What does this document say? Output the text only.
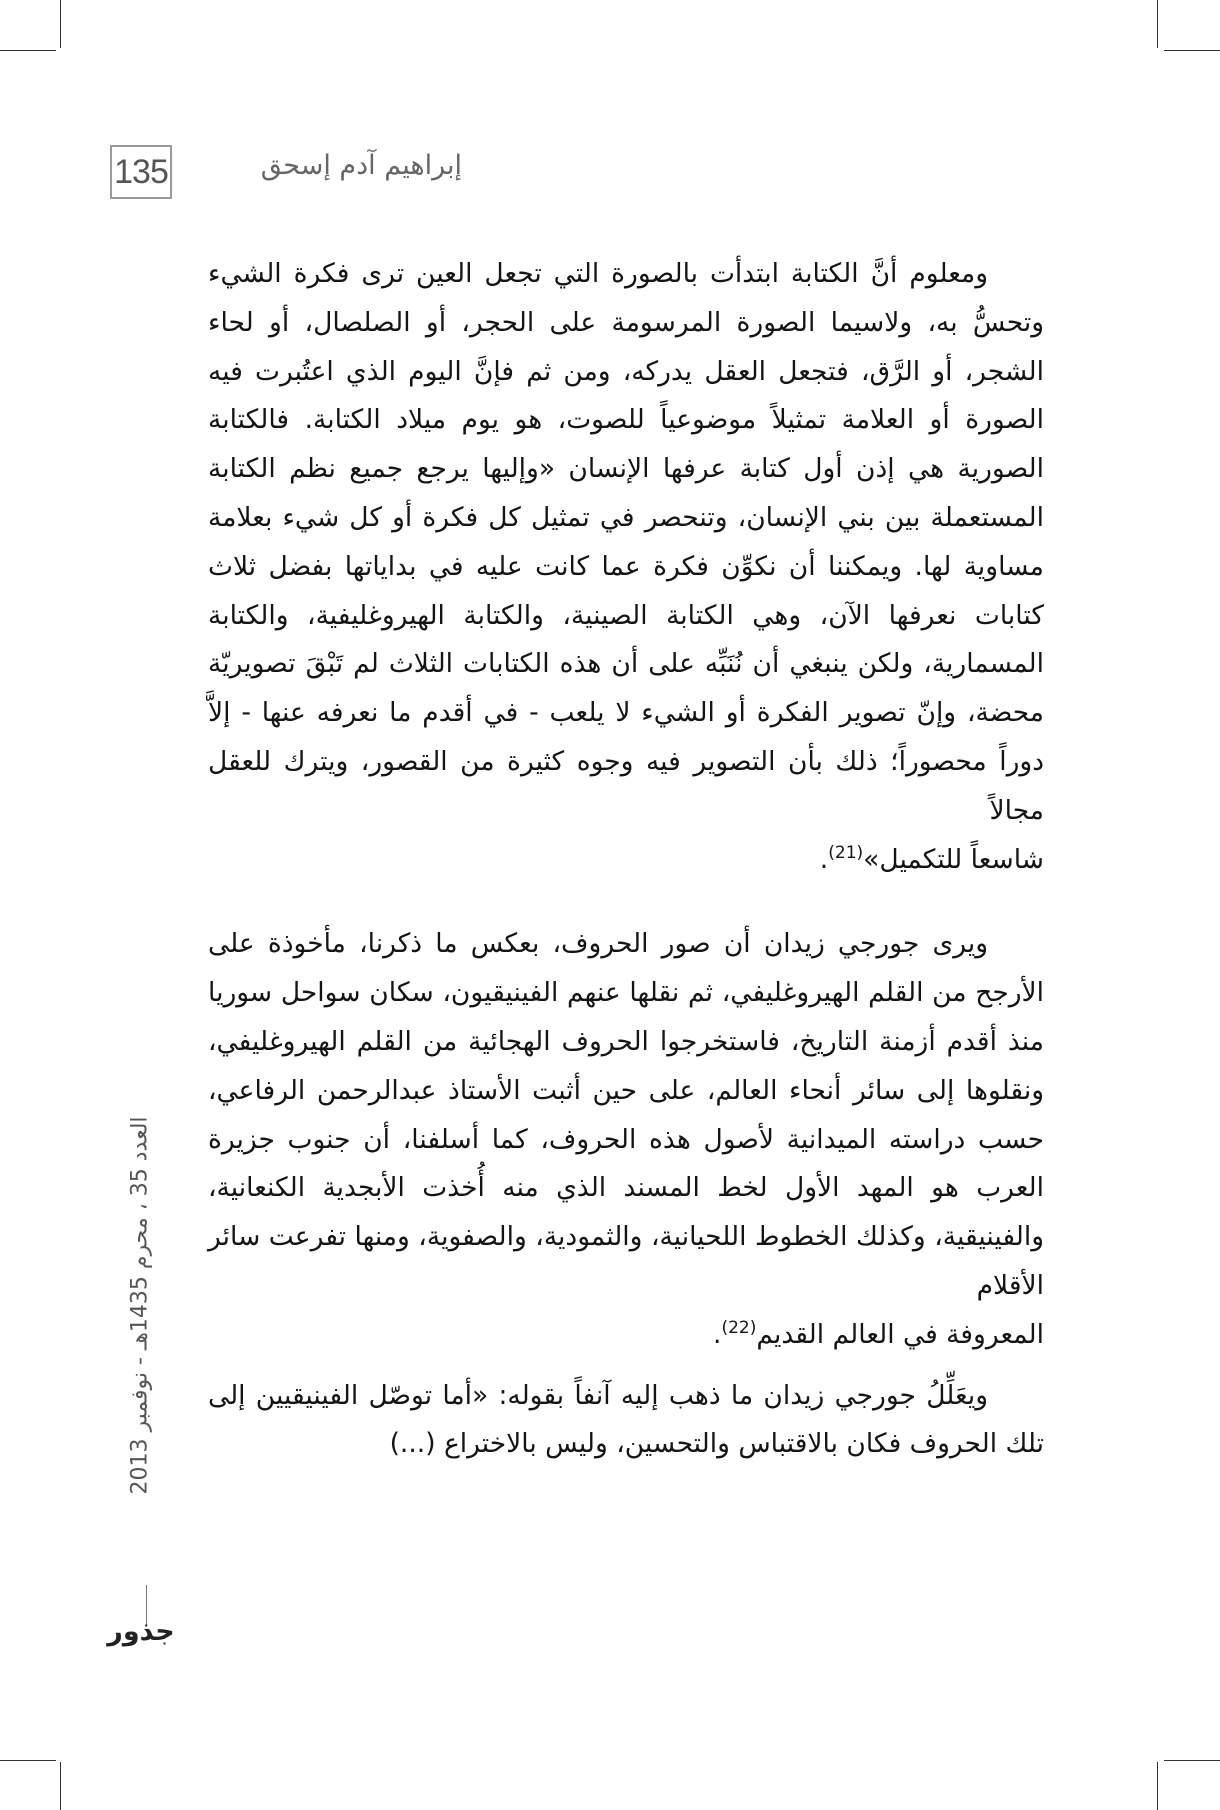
135	إبراهيم آدم إسحق

ومعلوم أنَّ الكتابة ابتدأت بالصورة التي تجعل العين ترى فكرة الشيء وتحسُّ به، ولاسيما الصورة المرسومة على الحجر، أو الصلصال، أو لحاء الشجر، أو الرَّق، فتجعل العقل يدركه، ومن ثم فإنَّ اليوم الذي اعتُبرت فيه الصورة أو العلامة تمثيلاً موضوعياً للصوت، هو يوم ميلاد الكتابة. فالكتابة الصورية هي إذن أول كتابة عرفها الإنسان «وإليها يرجع جميع نظم الكتابة المستعملة بين بني الإنسان، وتنحصر في تمثيل كل فكرة أو كل شيء بعلامة مساوية لها. ويمكننا أن نكوِّن فكرة عما كانت عليه في بداياتها بفضل ثلاث كتابات نعرفها الآن، وهي الكتابة الصينية، والكتابة الهيروغليفية، والكتابة المسمارية، ولكن ينبغي أن نُنَبِّه على أن هذه الكتابات الثلاث لم تَبْقَ تصويريّة محضة، وإنّ تصوير الفكرة أو الشيء لا يلعب - في أقدم ما نعرفه عنها - إلاَّ دوراً محصوراً؛ ذلك بأن التصوير فيه وجوه كثيرة من القصور، ويترك للعقل مجالاً
شاسعاً للتكميل»$^{(21)}$.

ويرى جورجي زيدان أن صور الحروف، بعكس ما ذكرنا، مأخوذة على الأرجح من القلم الهيروغليفي، ثم نقلها عنهم الفينيقيون، سكان سواحل سوريا منذ أقدم أزمنة التاريخ، فاستخرجوا الحروف الهجائية من القلم الهيروغليفي، ونقلوها إلى سائر أنحاء العالم، على حين أثبت الأستاذ عبدالرحمن الرفاعي، حسب دراسته الميدانية لأصول هذه الحروف، كما أسلفنا، أن جنوب جزيرة العرب هو المهد الأول لخط المسند الذي منه أُخذت الأبجدية الكنعانية، والفينيقية، وكذلك الخطوط اللحيانية، والثمودية، والصفوية، ومنها تفرعت سائر الأقلام
المعروفة في العالم القديم$^{(22)}$.

ويعَلِّلُ جورجي زيدان ما ذهب إليه آنفاً بقوله: «أما توصّل الفينيقيين إلى تلك الحروف فكان بالاقتباس والتحسين، وليس بالاختراع (...)

العدد 35 ، محرم 1435هـ - نوفمبر 2013
جذور
